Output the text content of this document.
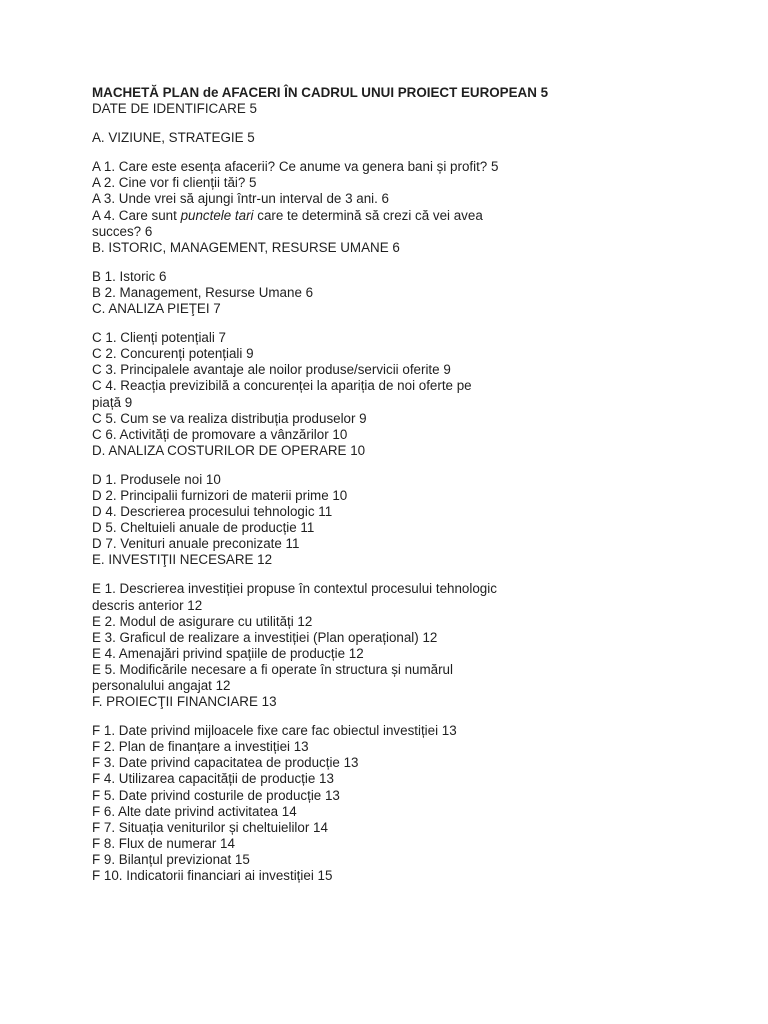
MACHETĂ PLAN de AFACERI ÎN CADRUL UNUI PROIECT EUROPEAN 5
DATE DE IDENTIFICARE 5
A. VIZIUNE, STRATEGIE 5
A 1. Care este esența afacerii? Ce anume va genera bani și profit? 5
A 2. Cine vor fi clienții tăi? 5
A 3. Unde vrei să ajungi într-un interval de 3 ani. 6
A 4. Care sunt punctele tari care te determină să crezi că vei avea
succes? 6
B. ISTORIC, MANAGEMENT, RESURSE UMANE 6
B 1. Istoric 6
B 2. Management, Resurse Umane 6
C. ANALIZA PIEŢEI 7
C 1. Clienți potențiali 7
C 2. Concurenți potențiali 9
C 3. Principalele avantaje ale noilor produse/servicii oferite 9
C 4. Reacția previzibilă a concurenței la apariția de noi oferte pe
piață 9
C 5. Cum se va realiza distribuția produselor 9
C 6. Activități de promovare a vânzărilor 10
D. ANALIZA COSTURILOR DE OPERARE 10
D 1. Produsele noi 10
D 2. Principalii furnizori de materii prime 10
D 4. Descrierea procesului tehnologic 11
D 5. Cheltuieli anuale de producție 11
D 7. Venituri anuale preconizate 11
E. INVESTIŢII NECESARE 12
E 1. Descrierea investiției propuse în contextul procesului tehnologic
descris anterior 12
E 2. Modul de asigurare cu utilități 12
E 3. Graficul de realizare a investiției (Plan operațional) 12
E 4. Amenajări privind spațiile de producție 12
E 5. Modificările necesare a fi operate în structura și numărul
personalului angajat 12
F. PROIECŢII FINANCIARE 13
F 1. Date privind mijloacele fixe care fac obiectul investiției 13
F 2. Plan de finanțare a investiției 13
F 3. Date privind capacitatea de producție 13
F 4. Utilizarea capacității de producție 13
F 5. Date privind costurile de producție 13
F 6. Alte date privind activitatea 14
F 7. Situația veniturilor și cheltuielilor 14
F 8. Flux de numerar 14
F 9. Bilanțul previzionat 15
F 10. Indicatorii financiari ai investiției 15
